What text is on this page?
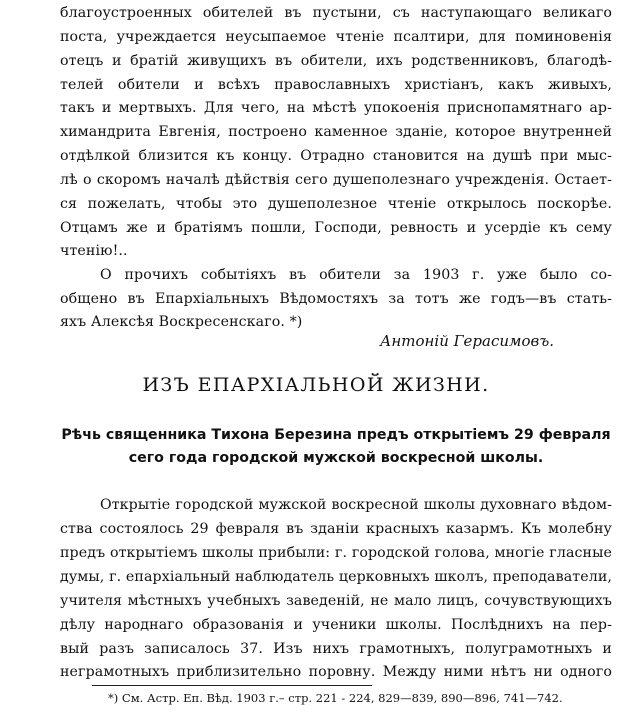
благоустроенных обителей въ пустыни, съ наступающаго великаго
поста, учреждается неусыпаемое чтеніе псалтири, для поминовенія
отецъ и братій живущихъ въ обители, ихъ родственниковъ, благодѣ-
телей обители и всѣхъ православныхъ христіанъ, какъ живыхъ,
такъ и мертвыхъ. Для чего, на мѣстѣ упокоенія приснопамятнаго ар-
химандрита Евгенія, построено каменное зданіе, которое внутренней
отдѣлкой близится къ концу. Отрадно становится на душѣ при мыс-
лѣ о скоромъ началѣ дѣйствія сего душеполезнаго учрежденія. Остает-
ся пожелать, чтобы это душеполезное чтеніе открылось поскорѣе.
Отцамъ же и братіямъ пошли, Господи, ревность и усердіе къ сему
чтенію!..
О прочихъ событіяхъ въ обители за 1903 г. уже было со-
общено въ Епархіальныхъ Вѣдомостяхъ за тотъ же годъ—въ стать-
яхъ Алексѣя Воскресенскаго. *)
Антоній Герасимовъ.
ИЗЪ ЕПАРХІАЛЬНОЙ ЖИЗНИ.
Рѣчь священника Тихона Березина предъ открытіемъ 29 февраля
сего года городской мужской воскресной школы.
Открытіе городской мужской воскресной школы духовнаго вѣдом-
ства состоялось 29 февраля въ зданіи красныхъ казармъ. Къ молебну
предъ открытіемъ школы прибыли: г. городской голова, многіе гласные
думы, г. епархіальный наблюдатель церковныхъ школъ, преподаватели,
учителя мѣстныхъ учебныхъ заведеній, не мало лицъ, сочувствующихъ
дѣлу народнаго образованія и ученики школы. Послѣднихъ на пер-
вый разъ записалось 37. Изъ нихъ грамотныхъ, полуграмотныхъ и
неграмотныхъ приблизительно поровну. Между ними нѣтъ ни одного
*) См. Астр. Еп. Вѣд. 1903 г.– стр. 221 - 224, 829—839, 890—896, 741—742.
